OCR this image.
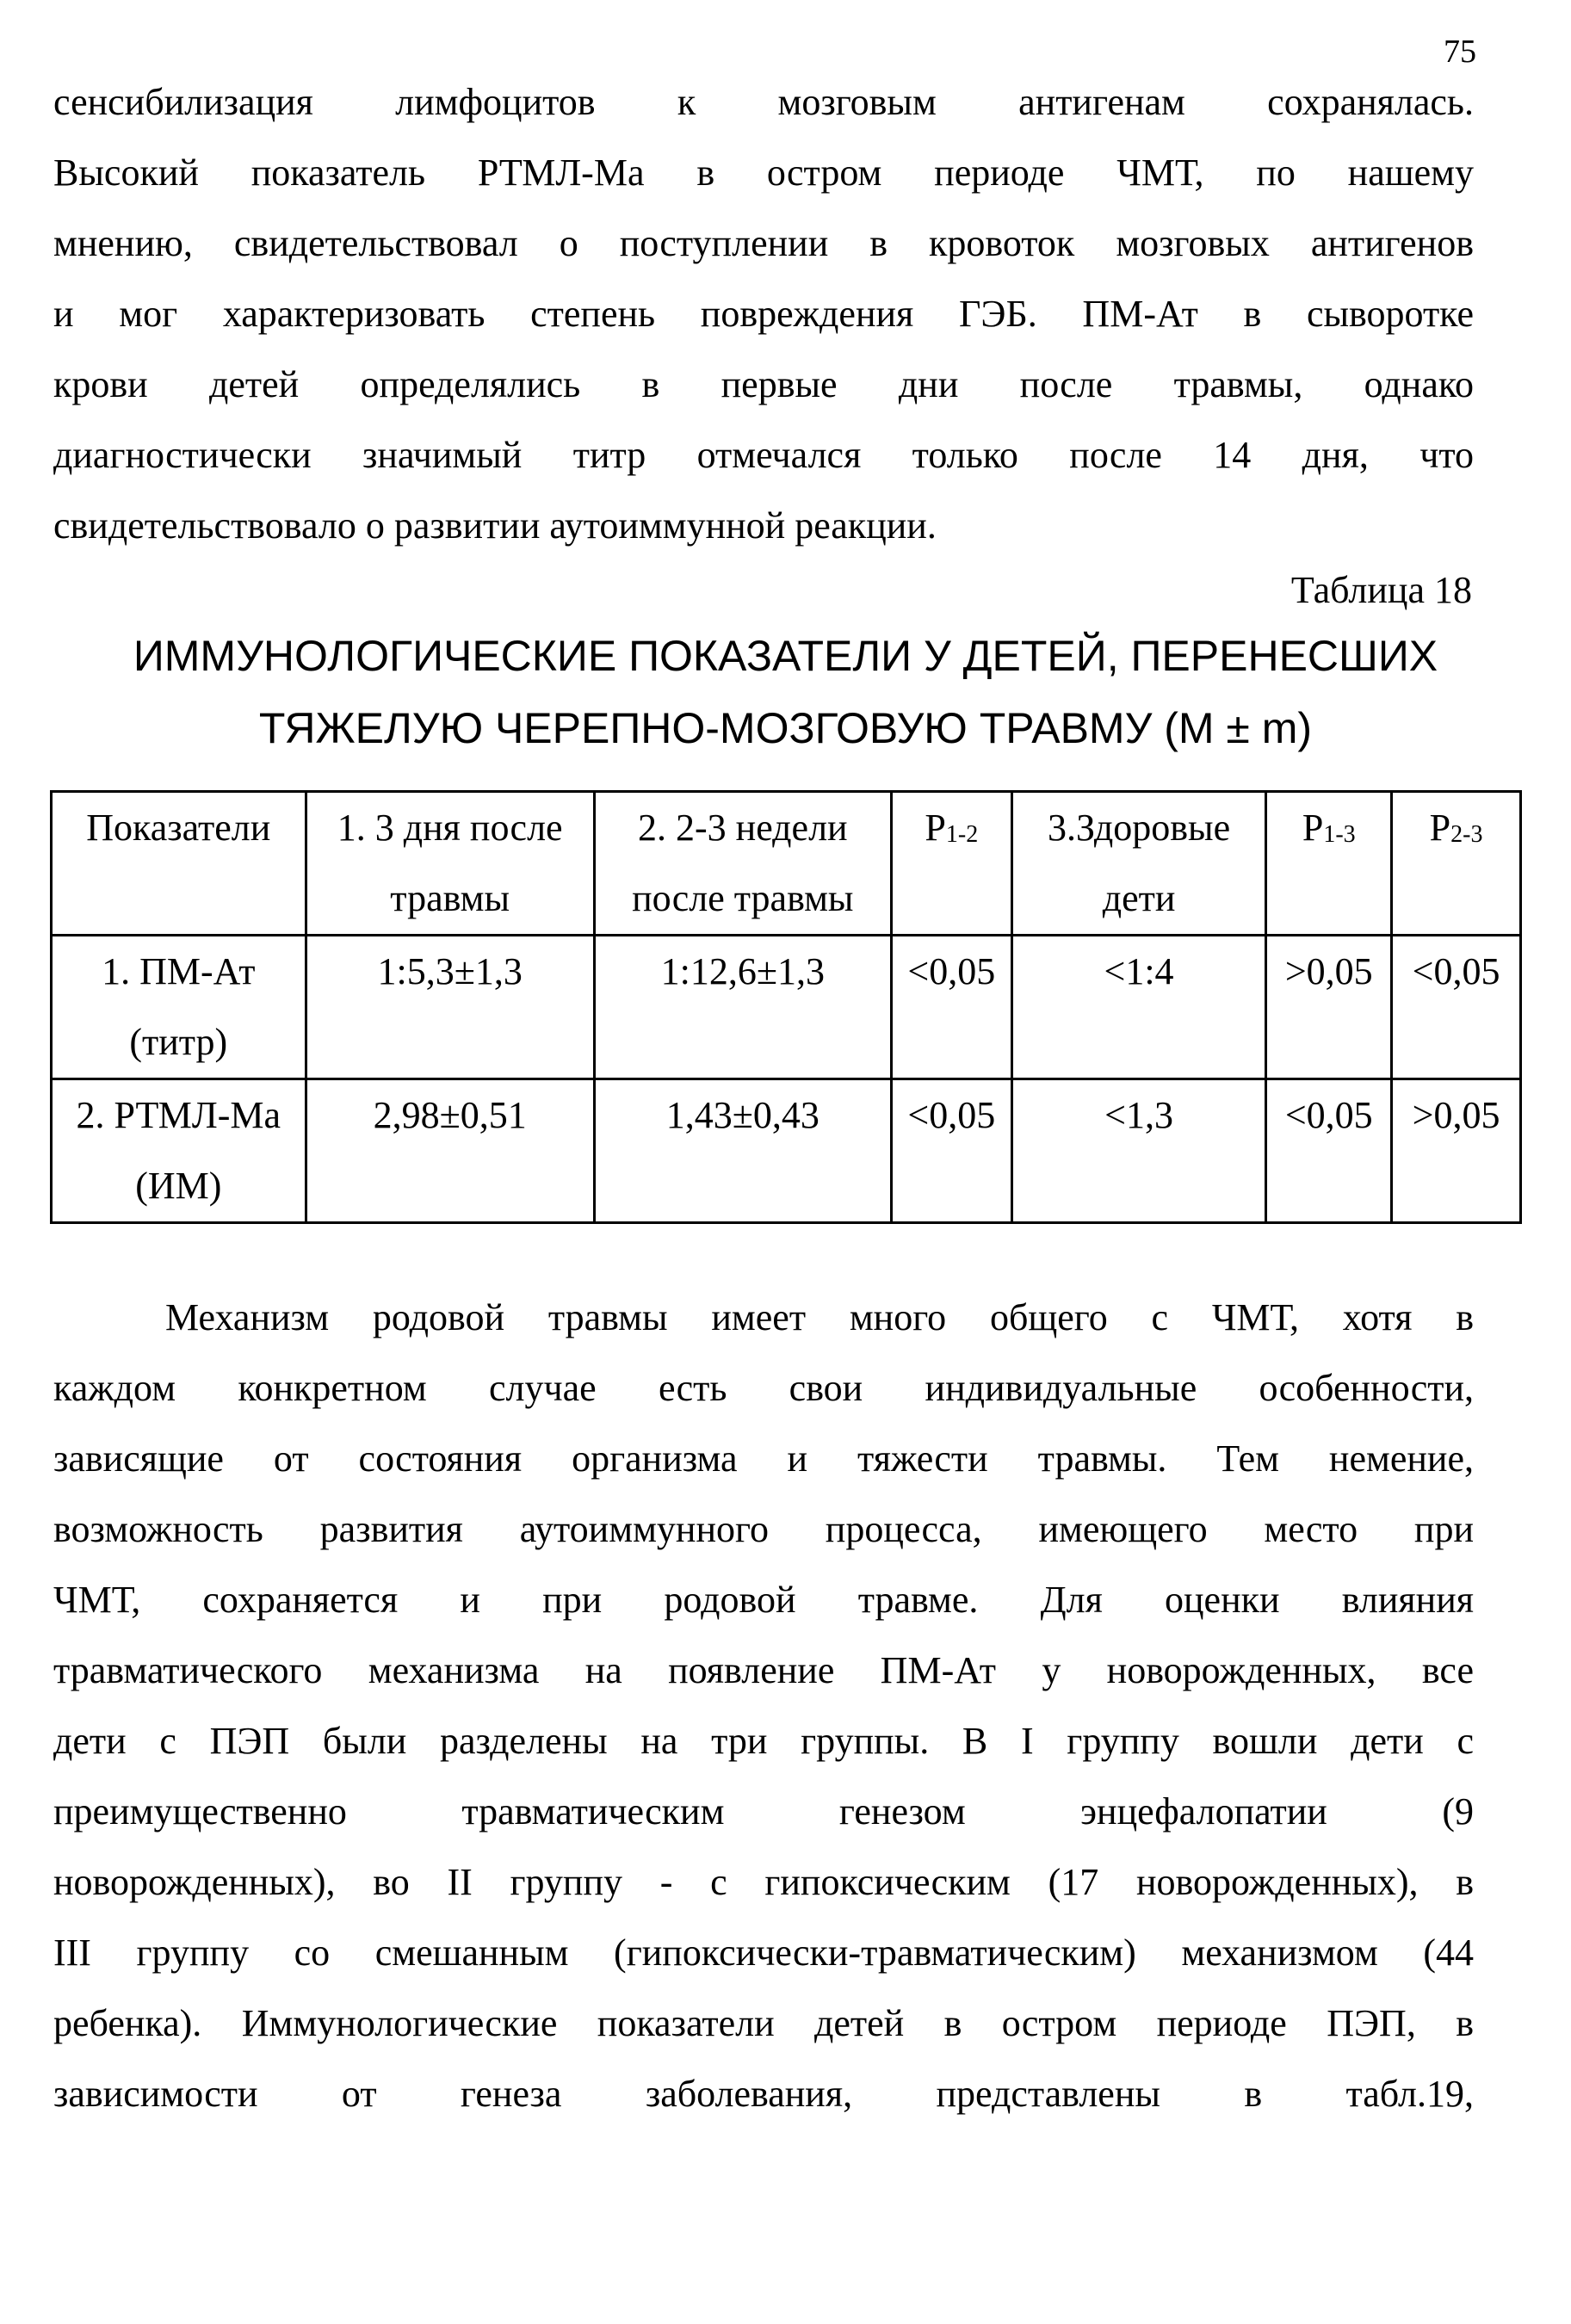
75
сенсибилизация лимфоцитов к мозговым антигенам сохранялась.
Высокий показатель РТМЛ-Ма в остром периоде ЧМТ, по нашему
мнению, свидетельствовал о поступлении в кровоток мозговых антигенов
и мог характеризовать степень повреждения ГЭБ. ПМ-Ат в сыворотке
крови детей определялись в первые дни после травмы, однако
диагностически значимый титр отмечался только после 14 дня, что
свидетельствовало о развитии аутоиммунной реакции.
Таблица 18
ИММУНОЛОГИЧЕСКИЕ ПОКАЗАТЕЛИ У ДЕТЕЙ, ПЕРЕНЕСШИХ
ТЯЖЕЛУЮ ЧЕРЕПНО-МОЗГОВУЮ ТРАВМУ (М ± m)
Показатели	1. 3 дня после травмы	2. 2-3 недели после травмы	Р1-2	3.Здоровые дети	Р1-3	Р2-3
1. ПМ-Ат (титр)	1:5,3±1,3	1:12,6±1,3	<0,05	<1:4	>0,05	<0,05
2. РТМЛ-Ма (ИМ)	2,98±0,51	1,43±0,43	<0,05	<1,3	<0,05	>0,05
Механизм родовой травмы имеет много общего с ЧМТ, хотя в
каждом конкретном случае есть свои индивидуальные особенности,
зависящие от состояния организма и тяжести травмы. Тем немение,
возможность развития аутоиммунного процесса, имеющего место при
ЧМТ, сохраняется и при родовой травме. Для оценки влияния
травматического механизма на появление ПМ-Ат у новорожденных, все
дети с ПЭП были разделены на три группы. В I группу вошли дети с
преимущественно травматическим генезом энцефалопатии (9
новорожденных), во II группу - с гипоксическим (17 новорожденных), в
III группу со смешанным (гипоксически-травматическим) механизмом (44
ребенка). Иммунологические показатели детей в остром периоде ПЭП, в
зависимости от генеза заболевания, представлены в табл.19,
